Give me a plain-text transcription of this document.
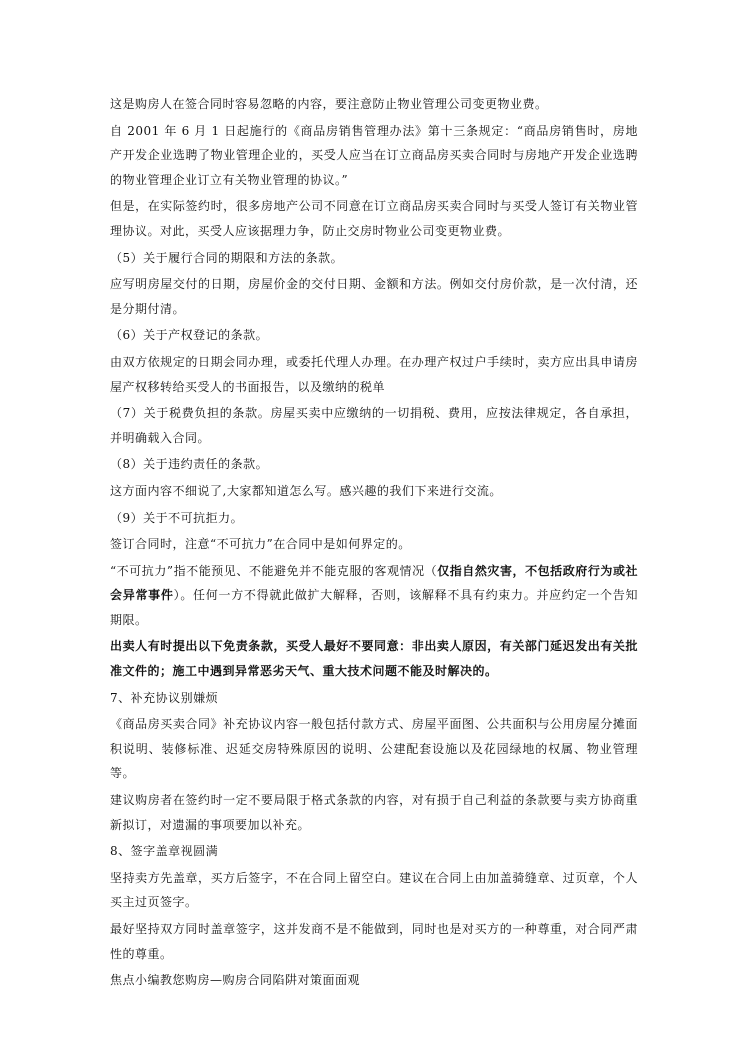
这是购房人在签合同时容易忽略的内容，要注意防止物业管理公司变更物业费。

自 2001 年 6 月 1 日起施行的《商品房销售管理办法》第十三条规定：“商品房销售时，房地产开发企业选聘了物业管理企业的，买受人应当在订立商品房买卖合同时与房地产开发企业选聘的物业管理企业订立有关物业管理的协议。”

但是，在实际签约时，很多房地产公司不同意在订立商品房买卖合同时与买受人签订有关物业管理协议。对此，买受人应该据理力争，防止交房时物业公司变更物业费。

（5）关于履行合同的期限和方法的条款。

应写明房屋交付的日期，房屋价金的交付日期、金额和方法。例如交付房价款，是一次付清，还是分期付清。

（6）关于产权登记的条款。

由双方依规定的日期会同办理，或委托代理人办理。在办理产权过户手续时，卖方应出具申请房屋产权移转给买受人的书面报告，以及缴纳的税单

（7）关于税费负担的条款。房屋买卖中应缴纳的一切捐税、费用，应按法律规定，各自承担，并明确载入合同。

（8）关于违约责任的条款。

这方面内容不细说了,大家都知道怎么写。感兴趣的我们下来进行交流。

（9）关于不可抗拒力。

签订合同时，注意“不可抗力”在合同中是如何界定的。

“不可抗力”指不能预见、不能避免并不能克服的客观情况（仅指自然灾害，不包括政府行为或社会异常事件）。任何一方不得就此做扩大解释，否则，该解释不具有约束力。并应约定一个告知期限。

出卖人有时提出以下免责条款，买受人最好不要同意：非出卖人原因，有关部门延迟发出有关批准文件的；施工中遇到异常恶劣天气、重大技术问题不能及时解决的。

7、补充协议别嫌烦

《商品房买卖合同》补充协议内容一般包括付款方式、房屋平面图、公共面积与公用房屋分摊面积说明、装修标准、迟延交房特殊原因的说明、公建配套设施以及花园绿地的权属、物业管理等。

建议购房者在签约时一定不要局限于格式条款的内容，对有损于自己利益的条款要与卖方协商重新拟订，对遗漏的事项要加以补充。

8、签字盖章视圆满

坚持卖方先盖章，买方后签字，不在合同上留空白。建议在合同上由加盖骑缝章、过页章，个人买主过页签字。

最好坚持双方同时盖章签字，这并发商不是不能做到，同时也是对买方的一种尊重，对合同严肃性的尊重。

焦点小编教您购房—购房合同陷阱对策面面观
